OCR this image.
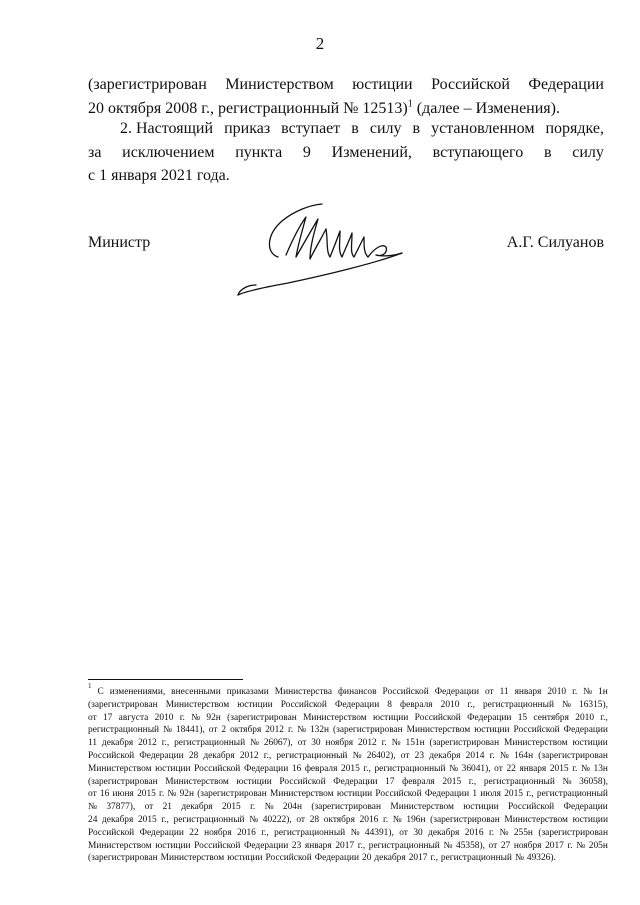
2
(зарегистрирован Министерством юстиции Российской Федерации
20 октября 2008 г., регистрационный № 12513)$^1$ (далее – Изменения).
2. Настоящий приказ вступает в силу в установленном порядке,
за исключением пункта 9 Изменений, вступающего в силу
с 1 января 2021 года.
Министр	А.Г. Силуанов
1
С изменениями, внесенными приказами Министерства финансов Российской Федерации от 11 января 2010 г. № 1н
(зарегистрирован Министерством юстиции Российской Федерации 8 февраля 2010 г., регистрационный № 16315),
от 17 августа 2010 г. № 92н (зарегистрирован Министерством юстиции Российской Федерации 15 сентября 2010 г.,
регистрационный № 18441), от 2 октября 2012 г. № 132н (зарегистрирован Министерством юстиции Российской Федерации
11 декабря 2012 г., регистрационный № 26067), от 30 ноября 2012 г. № 151н (зарегистрирован Министерством юстиции
Российской Федерации 28 декабря 2012 г., регистрационный № 26402), от 23 декабря 2014 г. № 164н (зарегистрирован
Министерством юстиции Российской Федерации 16 февраля 2015 г., регистрационный № 36041), от 22 января 2015 г. № 13н
(зарегистрирован Министерством юстиции Российской Федерации 17 февраля 2015 г., регистрационный № 36058),
от 16 июня 2015 г. № 92н (зарегистрирован Министерством юстиции Российской Федерации 1 июля 2015 г., регистрационный
№ 37877), от 21 декабря 2015 г. № 204н (зарегистрирован Министерством юстиции Российской Федерации
24 декабря 2015 г., регистрационный № 40222), от 28 октября 2016 г. № 196н (зарегистрирован Министерством юстиции
Российской Федерации 22 ноября 2016 г., регистрационный № 44391), от 30 декабря 2016 г. № 255н (зарегистрирован
Министерством юстиции Российской Федерации 23 января 2017 г., регистрационный № 45358), от 27 ноября 2017 г. № 205н
(зарегистрирован Министерством юстиции Российской Федерации 20 декабря 2017 г., регистрационный № 49326).
